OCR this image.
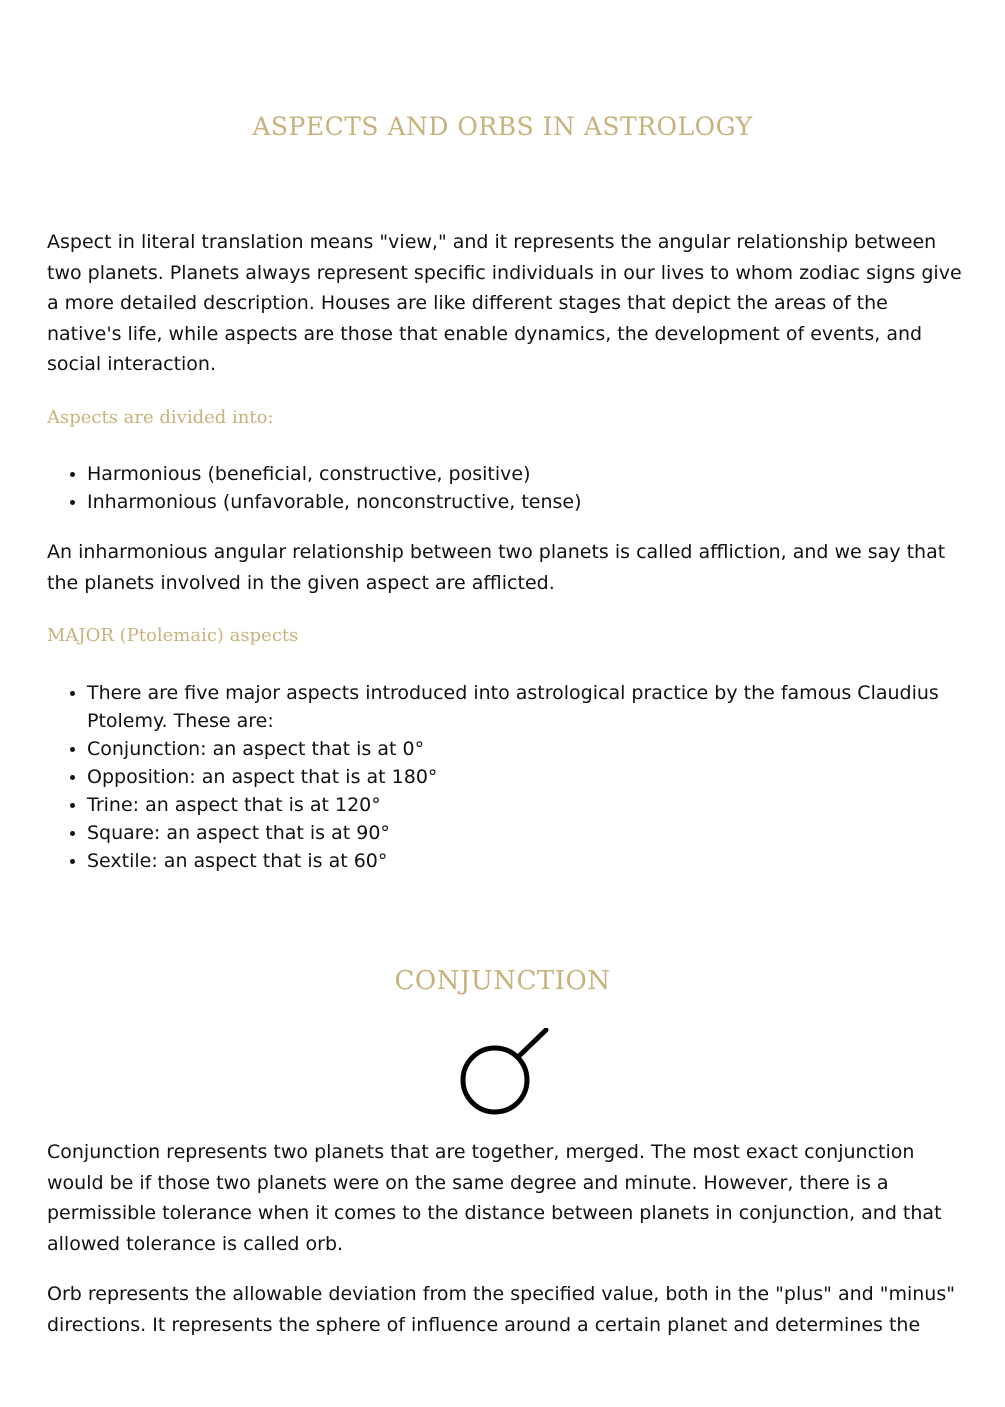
ASPECTS AND ORBS IN ASTROLOGY

Aspect in literal translation means "view," and it represents the angular relationship between two planets. Planets always represent specific individuals in our lives to whom zodiac signs give a more detailed description. Houses are like different stages that depict the areas of the native's life, while aspects are those that enable dynamics, the development of events, and social interaction.

Aspects are divided into:
• Harmonious (beneficial, constructive, positive)
• Inharmonious (unfavorable, nonconstructive, tense)

An inharmonious angular relationship between two planets is called affliction, and we say that the planets involved in the given aspect are afflicted.

MAJOR (Ptolemaic) aspects
• There are five major aspects introduced into astrological practice by the famous Claudius Ptolemy. These are:
• Conjunction: an aspect that is at 0°
• Opposition: an aspect that is at 180°
• Trine: an aspect that is at 120°
• Square: an aspect that is at 90°
• Sextile: an aspect that is at 60°
CONJUNCTION

Conjunction represents two planets that are together, merged. The most exact conjunction would be if those two planets were on the same degree and minute. However, there is a permissible tolerance when it comes to the distance between planets in conjunction, and that allowed tolerance is called orb.

Orb represents the allowable deviation from the specified value, both in the "plus" and "minus" directions. It represents the sphere of influence around a certain planet and determines the
